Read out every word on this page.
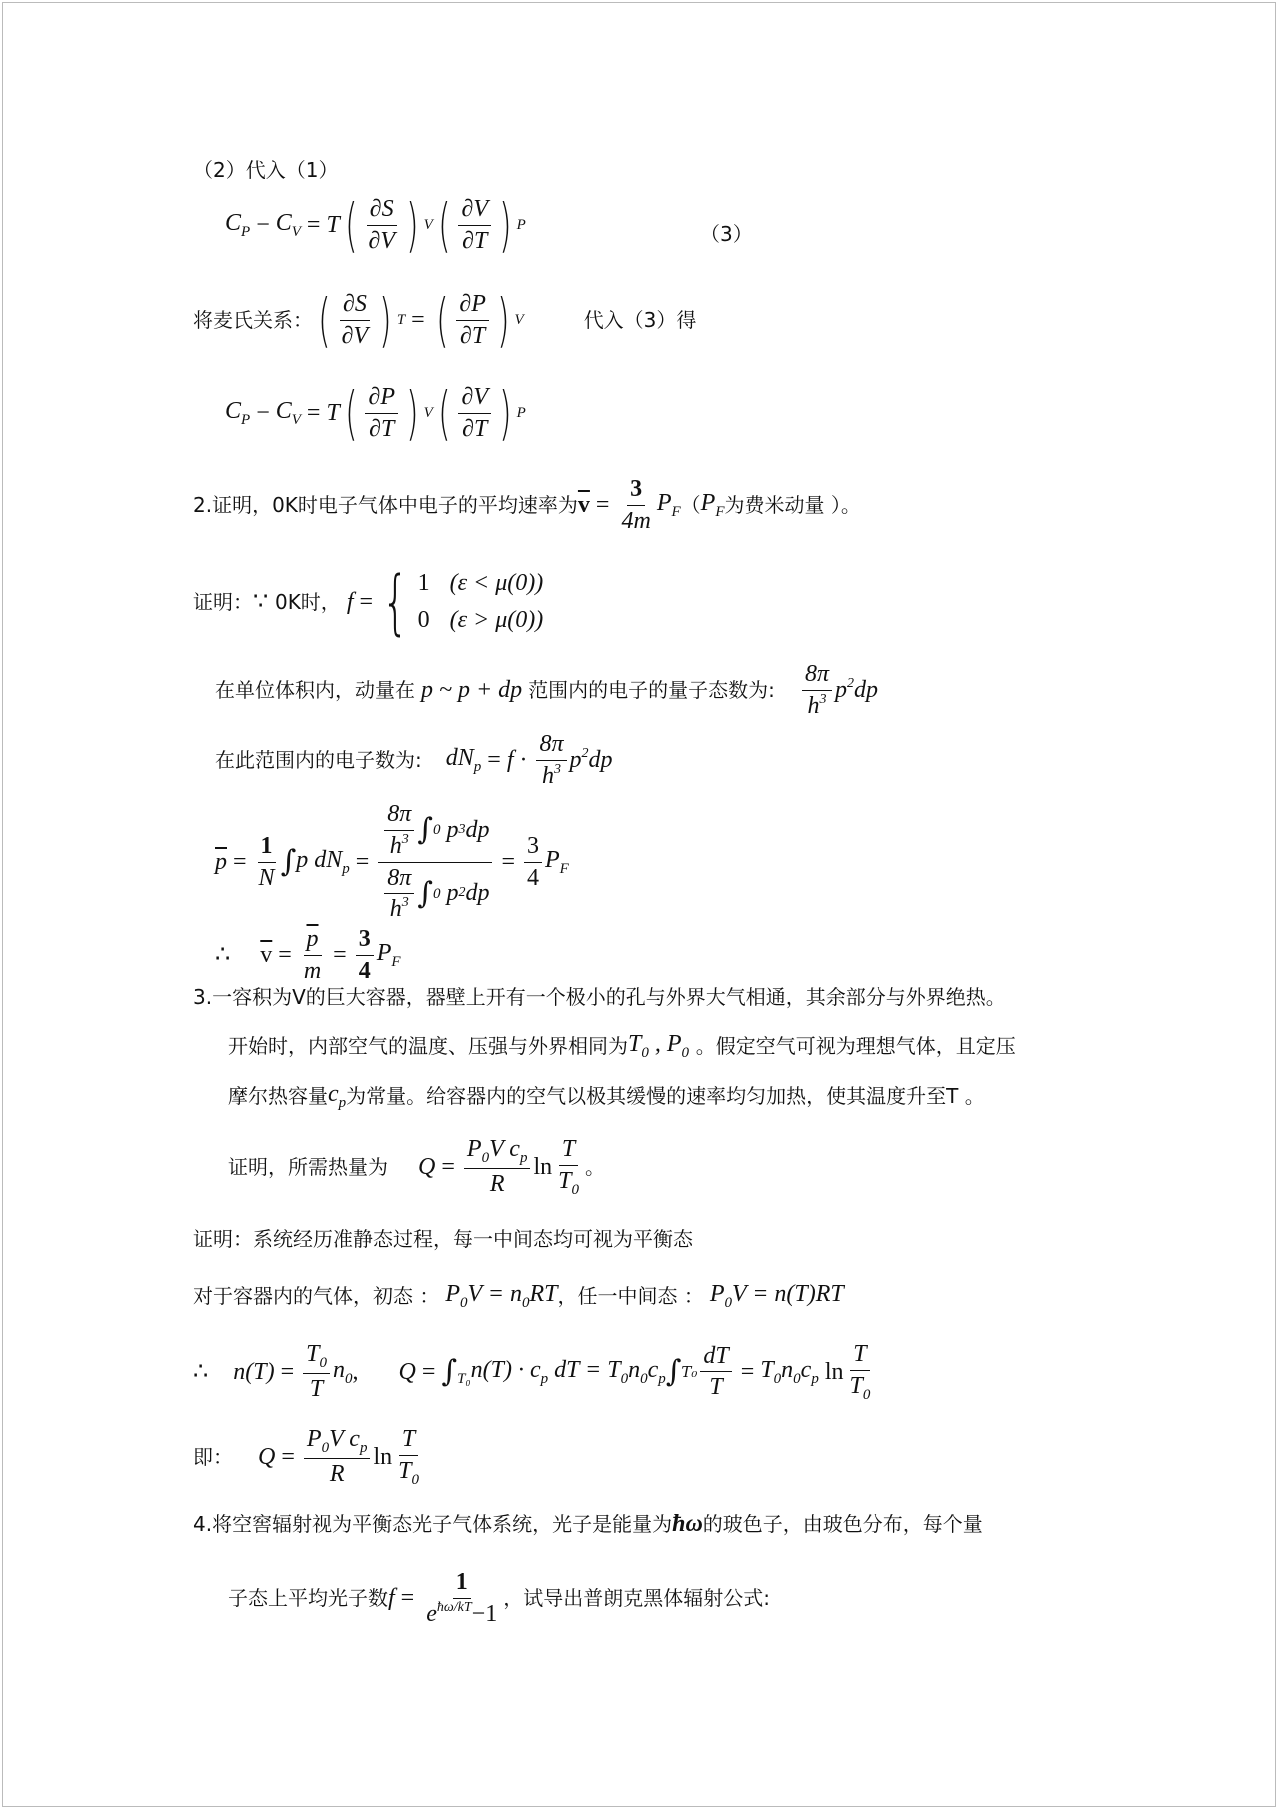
（2）代入（1）
$C_P - C_V = T$ ( $\frac{\partial S}{\partial V}$ ) V ( $\frac{\partial V}{\partial T}$ ) P	（3）
将麦氏关系： ( $\frac{\partial S}{\partial V}$ ) T = ( $\frac{\partial P}{\partial T}$ ) V	代入（3）得
$C_P - C_V = T$ ( $\frac{\partial P}{\partial T}$ ) V ( $\frac{\partial V}{\partial T}$ ) P
2.证明，0K时电子气体中电子的平均速率为 $\overline{v} = \frac{3}{4m} P_F$ （ $P_F$ 为费米动量 ）。
证明： ∵
0K时， f = { 1 (ε < μ(0))
0 (ε > μ(0))
在单位体积内，动量在 p ~ p + dp 范围内的电子的量子态数为: $\frac{8\pi}{h^3} p^2dp$
在此范围内的电子数为: $dN_p = f \cdot \frac{8\pi}{h^3} p^2dp$
$\overline{p} = \frac{1}{N}$ ∫ p $dN_p = \frac{\frac{8\pi}{h^3} \int 0 p 3 dp}{\frac{8\pi}{h^3} \int 0 p 2 dp} = \frac{3}{4} P_F$
∴ $\overline{v} = \frac{\overline{p}}{m} = \frac{3}{4} P_F$
3.一容积为V的巨大容器，器壁上开有一个极小的孔与外界大气相通，其余部分与外界绝热。
开始时，内部空气的温度、压强与外界相同为 $T_0$ , $P_0$
。假定空气可视为理想气体，且定压
摩尔热容量 $c_p$ 为常量。给容器内的空气以极其缓慢的速率均匀加热，使其温度升至T 。
证明，所需热量为 $Q = \frac{P_0V c_p}{R}$ $\ln \frac{T}{T_0}$ 。
证明：系统经历准静态过程，每一中间态均可视为平衡态
对于容器内的气体，初态 ： $P_0V = n_0RT$ ，任一中间态 ： $P_0V = n(T)RT$
∴ $n(T) = \frac{T_0}{T} n_0$ , Q = ∫ $_{T_0}n(T) \cdot c_p$ dT = $T_0n_0c_p$ ∫ $T_0 \frac{dT}{T} = T_0n_0c_p$ $\ln \frac{T}{T_0}$
即： $Q = \frac{P_0V c_p}{R}$ $\ln \frac{T}{T_0}$
4.将空窖辐射视为平衡态光子气体系统，光子是能量为 ħω 的玻色子，由玻色分布，每个量
子态上平均光子数 $f = \frac{1}{e^{ħ\omega/kT}-1}$ ，试导出普朗克黑体辐射公式:
